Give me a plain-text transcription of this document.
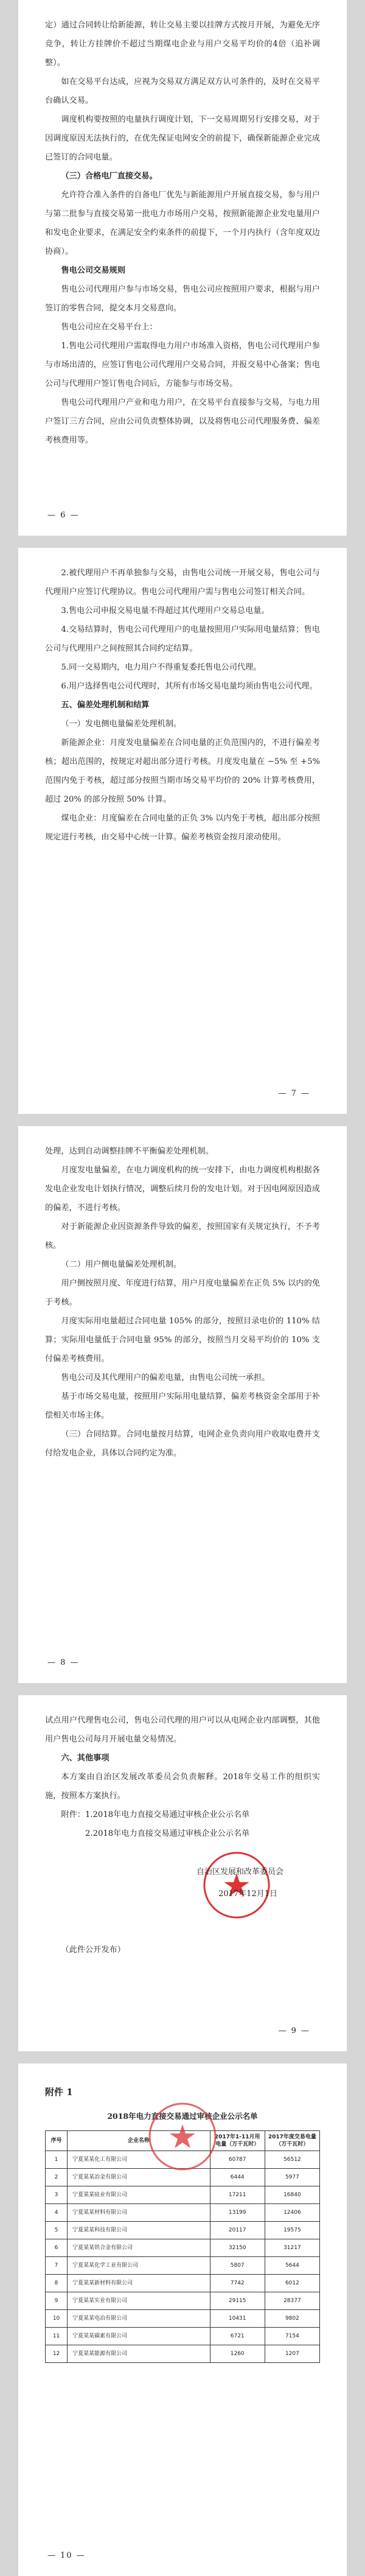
定）通过合同转让给新能源，转让交易主要以挂牌方式按月开展，为避免无序竞争，转让方挂牌价不超过当期煤电企业与用户交易平均价的4倍（追补调整）。

如在交易平台达成，应视为交易双方满足双方认可条件的，及时在交易平台确认交易。

调度机构要按照的电量执行调度计划，下一交易周期另行安排交易，对于因调度原因无法执行的，在优先保证电网安全的前提下，确保新能源企业完成已签订的合同电量。

（三）合格电厂直接交易。

允许符合准入条件的自备电厂优先与新能源用户开展直接交易，参与用户与第二批参与直接交易第一批电力市场用户交易，按照新能源企业发电量用户和发电企业要求，在满足安全约束条件的前提下，一个月内执行（含年度双边协商）。

售电公司交易规则

售电公司代理用户参与市场交易，售电公司应按照用户要求，根据与用户签订的零售合同，提交本月交易意向。

售电公司应在交易平台上：

1.售电公司代理用户需取得电力用户市场准入资格，售电公司代理用户参与市场出清的，应签订售电公司代理用户交易合同，并报交易中心备案；售电公司与代理用户签订售电合同后，方能参与市场交易。

售电公司代理用户产业和电力用户，在交易平台直接参与交易，与电力用户签订三方合同，应由公司负责整体协调，以及将售电公司代理服务费、偏差考核费用等。

— 6 —

2.被代理用户不再单独参与交易，由售电公司统一开展交易，售电公司与代理用户应签订代理协议。售电公司代理用户需与售电公司签订相关合同。

3.售电公司申报交易电量不得超过其代理用户交易总电量。

4.交易结算时，售电公司代理用户的电量按照用户实际用电量结算；售电公司与代理用户之间按照其合同约定结算。

5.同一交易期内，电力用户不得重复委托售电公司代理。

6.用户选择售电公司代理时，其所有市场交易电量均须由售电公司代理。

五、偏差处理机制和结算

（一）发电侧电量偏差处理机制。

新能源企业：月度发电量偏差在合同电量的正负范围内的，不进行偏差考核；超出范围的，按规定对超出部分进行考核。月度发电量在 −5% 至 +5% 范围内免于考核，超过部分按照当期市场交易平均价的 20% 计算考核费用，超过 20% 的部分按照 50% 计算。

煤电企业：月度偏差在合同电量的正负 3% 以内免于考核，超出部分按照规定进行考核，由交易中心统一计算。偏差考核资金按月滚动使用。

— 7 —

处理，达到自动调整挂牌不平衡偏差处理机制。

月度发电量偏差，在电力调度机构的统一安排下，由电力调度机构根据各发电企业发电计划执行情况，调整后续月份的发电计划。对于因电网原因造成的偏差，不进行考核。

对于新能源企业因资源条件导致的偏差，按照国家有关规定执行，不予考核。

（二）用户侧电量偏差处理机制。

用户侧按照月度、年度进行结算，用户月度电量偏差在正负 5% 以内的免于考核。

月度实际用电量超过合同电量 105% 的部分，按照目录电价的 110% 结算；实际用电量低于合同电量 95% 的部分，按照当月交易平均价的 10% 支付偏差考核费用。

售电公司及其代理用户的偏差电量，由售电公司统一承担。

基于市场交易电量，按照用户实际用电量结算，偏差考核资金全部用于补偿相关市场主体。

（三）合同结算。合同电量按月结算，电网企业负责向用户收取电费并支付给发电企业，具体以合同约定为准。

— 8 —

试点用户代理售电公司，售电公司代理的用户可以从电网企业内部调整，其他用户售电公司每月开展电量交易情况。

六、其他事项

本方案由自治区发展改革委员会负责解释。2018年交易工作的组织实施，按照本方案执行。

附件：1.2018年电力直接交易通过审核企业公示名单

2.2018年电力直接交易通过审核企业公示名单

自治区发展和改革委员会
2017年12月1日

（此件公开发布）

— 9 —
附件 1
2018年电力直接交易通过审核企业公示名单
序号	企业名称	2017年1-11月用电量（万千瓦时）	2017年度交易电量（万千瓦时）
1	宁夏某某化工有限公司	60787	56512
2	宁夏某某冶金有限公司	6444	5977
3	宁夏某某硅业有限公司	17211	16840
4	宁夏某某材料有限公司	13199	12406
5	宁夏某某科技有限公司	20117	19575
6	宁夏某某铁合金有限公司	32150	31217
7	宁夏某某化学工业有限公司	5807	5644
8	宁夏某某新材料有限公司	7742	6012
9	宁夏某某实业有限公司	29115	28377
10	宁夏某某电冶有限公司	10431	9802
11	宁夏某某碳素有限公司	6721	7154
12	宁夏某某能源有限公司	1260	1207
— 10 —
